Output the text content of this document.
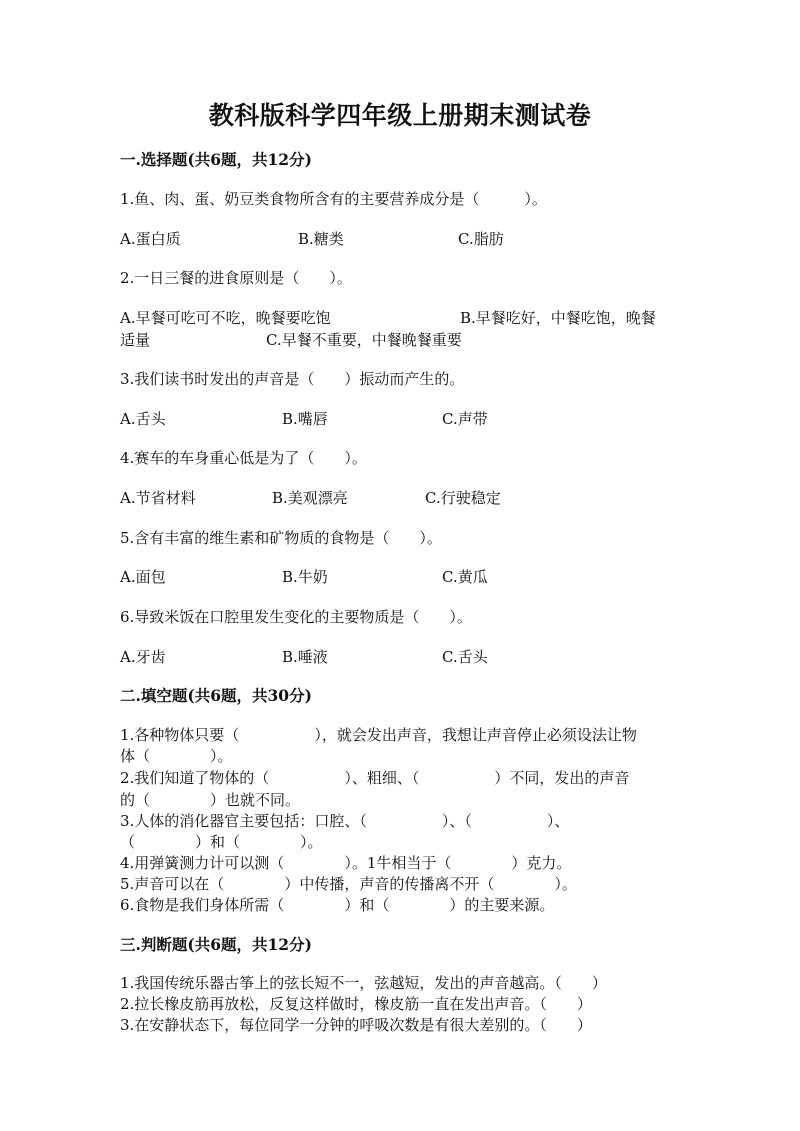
教科版科学四年级上册期末测试卷
一.选择题(共6题，共12分)
1.鱼、肉、蛋、奶豆类食物所含有的主要营养成分是（　　　）。
A.蛋白质	B.糖类	C.脂肪
2.一日三餐的进食原则是（　　）。
A.早餐可吃可不吃，晚餐要吃饱	B.早餐吃好，中餐吃饱，晚餐
适量	C.早餐不重要，中餐晚餐重要
3.我们读书时发出的声音是（　　）振动而产生的。
A.舌头	B.嘴唇	C.声带
4.赛车的车身重心低是为了（　　）。
A.节省材料	B.美观漂亮	C.行驶稳定
5.含有丰富的维生素和矿物质的食物是（　　）。
A.面包	B.牛奶	C.黄瓜
6.导致米饭在口腔里发生变化的主要物质是（　　）。
A.牙齿	B.唾液	C.舌头
二.填空题(共6题，共30分)
1.各种物体只要（　　　　　），就会发出声音，我想让声音停止必须设法让物
体（　　　　）。
2.我们知道了物体的（　　　　　）、粗细、（　　　　　）不同，发出的声音
的（　　　　）也就不同。
3.人体的消化器官主要包括：口腔、（　　　　　）、（　　　　　）、
（　　　　）和（　　　　）。
4.用弹簧测力计可以测（　　　　）。1牛相当于（　　　　）克力。
5.声音可以在（　　　　）中传播，声音的传播离不开（　　　　）。
6.食物是我们身体所需（　　　　）和（　　　　）的主要来源。
三.判断题(共6题，共12分)
1.我国传统乐器古筝上的弦长短不一，弦越短，发出的声音越高。（　　）
2.拉长橡皮筋再放松，反复这样做时，橡皮筋一直在发出声音。（　　）
3.在安静状态下，每位同学一分钟的呼吸次数是有很大差别的。（　　）
